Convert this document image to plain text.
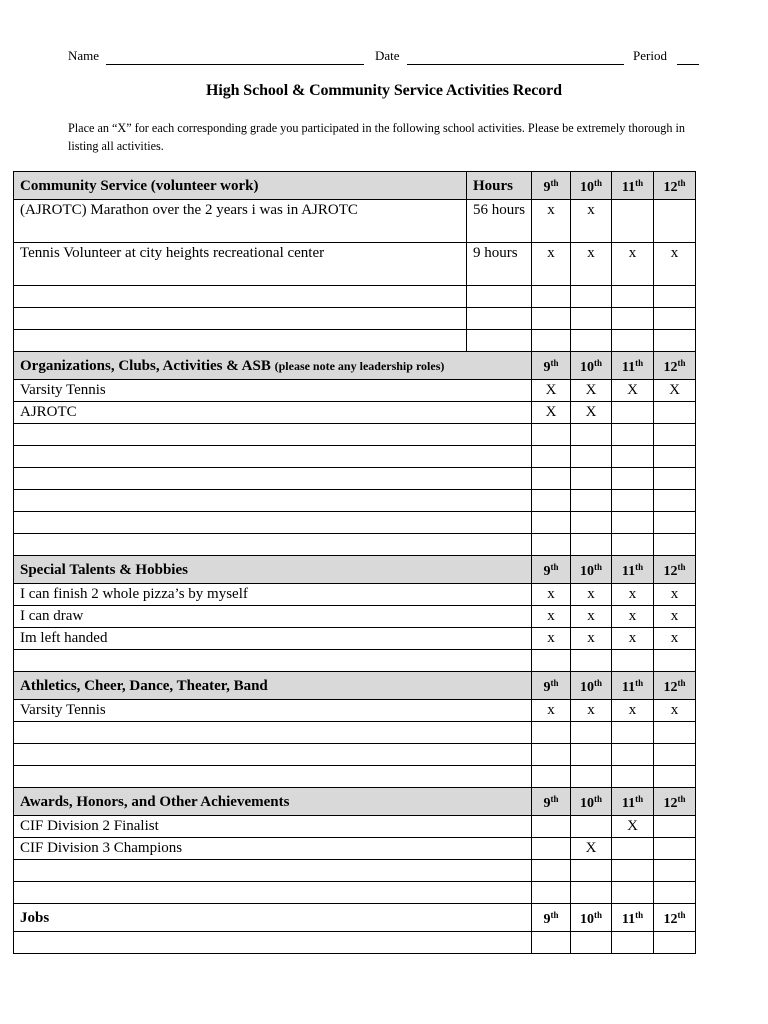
Name	Date	Period
High School & Community Service Activities Record
Place an “X” for each corresponding grade you participated in the following school activities. Please be extremely thorough in listing all activities.
Community Service (volunteer work)	Hours	9th	10th	11th	12th
(AJROTC) Marathon over the 2 years i was in AJROTC	56 hours	x	x		
Tennis Volunteer at city heights recreational center	9 hours	x	x	x	x

Organizations, Clubs, Activities & ASB (please note any leadership roles)		9th	10th	11th	12th
Varsity Tennis		X	X	X	X
AJROTC		X	X		

Special Talents & Hobbies		9th	10th	11th	12th
I can finish 2 whole pizza’s by myself		x	x	x	x
I can draw		x	x	x	x
Im left handed		x	x	x	x

Athletics, Cheer, Dance, Theater, Band		9th	10th	11th	12th
Varsity Tennis		x	x	x	x

Awards, Honors, and Other Achievements		9th	10th	11th	12th
CIF Division 2 Finalist				X	
CIF Division 3 Champions			X		

Jobs		9th	10th	11th	12th
